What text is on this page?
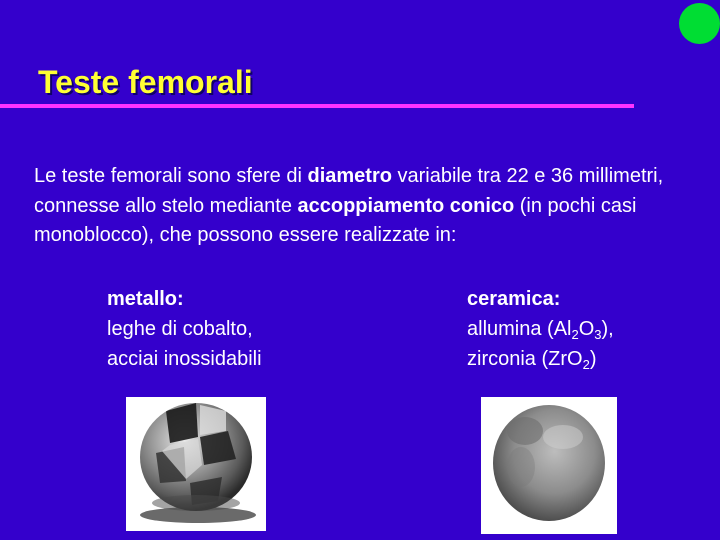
Teste femorali
Le teste femorali sono sfere di diametro variabile tra 22 e 36 millimetri, connesse allo stelo mediante accoppiamento conico (in pochi casi monoblocco), che possono essere realizzate in:
metallo:
leghe di cobalto,
acciai inossidabili
ceramica:
allumina $(Al_2O_3)$,
zirconia (ZrO$_2$)
